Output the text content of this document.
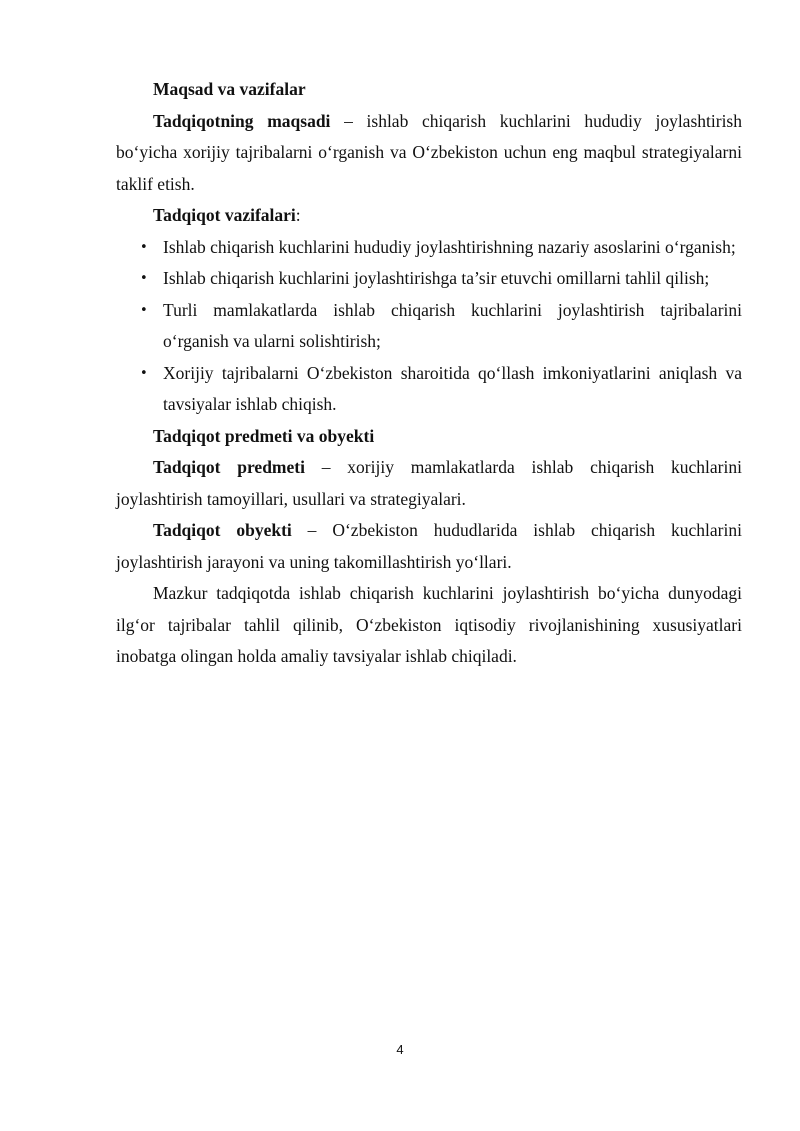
Maqsad va vazifalar

Tadqiqotning maqsadi – ishlab chiqarish kuchlarini hududiy joylashtirish bo‘yicha xorijiy tajribalarni o‘rganish va O‘zbekiston uchun eng maqbul strategiyalarni taklif etish.

Tadqiqot vazifalari:

• Ishlab chiqarish kuchlarini hududiy joylashtirishning nazariy asoslarini o‘rganish;
• Ishlab chiqarish kuchlarini joylashtirishga ta’sir etuvchi omillarni tahlil qilish;
• Turli mamlakatlarda ishlab chiqarish kuchlarini joylashtirish tajribalarini o‘rganish va ularni solishtirish;
• Xorijiy tajribalarni O‘zbekiston sharoitida qo‘llash imkoniyatlarini aniqlash va tavsiyalar ishlab chiqish.

Tadqiqot predmeti va obyekti

Tadqiqot predmeti – xorijiy mamlakatlarda ishlab chiqarish kuchlarini joylashtirish tamoyillari, usullari va strategiyalari.

Tadqiqot obyekti – O‘zbekiston hududlarida ishlab chiqarish kuchlarini joylashtirish jarayoni va uning takomillashtirish yo‘llari.

Mazkur tadqiqotda ishlab chiqarish kuchlarini joylashtirish bo‘yicha dunyodagi ilg‘or tajribalar tahlil qilinib, O‘zbekiston iqtisodiy rivojlanishining xususiyatlari inobatga olingan holda amaliy tavsiyalar ishlab chiqiladi.

4
